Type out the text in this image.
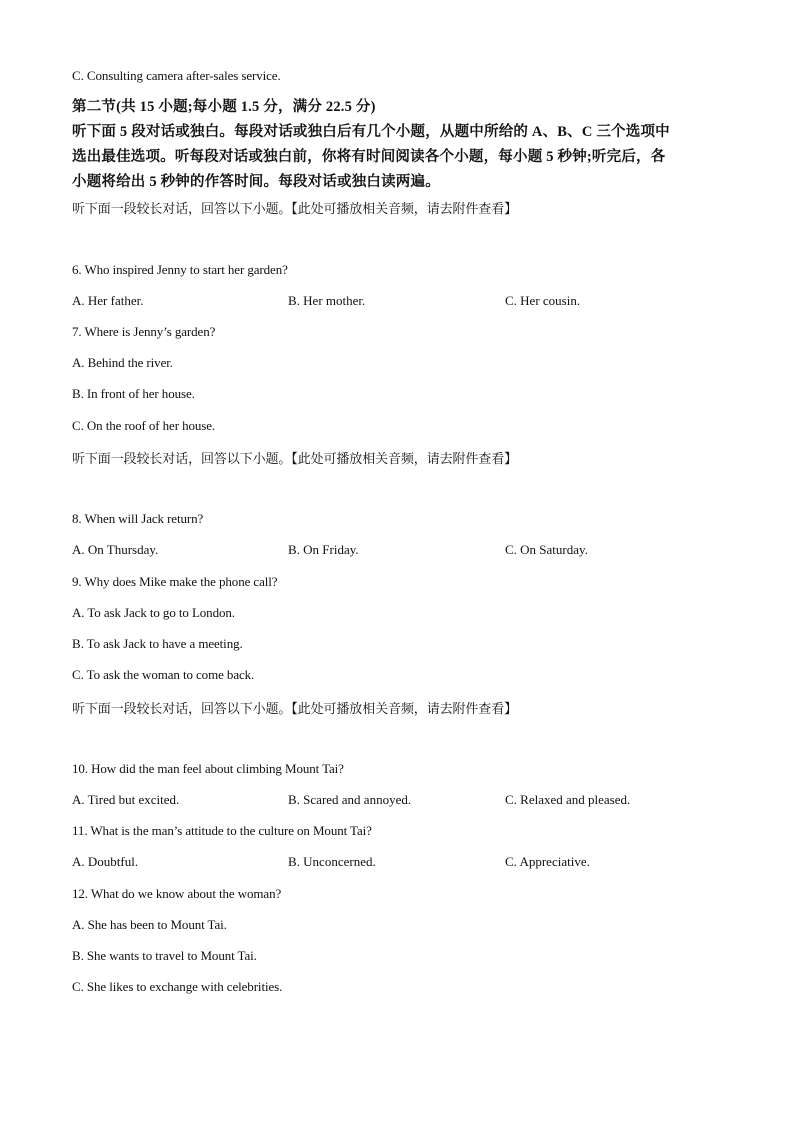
C. Consulting camera after-sales service.
第二节(共 15 小题;每小题 1.5 分，满分 22.5 分)
听下面 5 段对话或独白。每段对话或独白后有几个小题，从题中所给的 A、B、C 三个选项中
选出最佳选项。听每段对话或独白前，你将有时间阅读各个小题，每小题 5 秒钟;听完后，各
小题将给出 5 秒钟的作答时间。每段对话或独白读两遍。
听下面一段较长对话，回答以下小题。【此处可播放相关音频，请去附件查看】
6. Who inspired Jenny to start her garden?
A. Her father.	B. Her mother.	C. Her cousin.
7. Where is Jenny’s garden?
A. Behind the river.
B. In front of her house.
C. On the roof of her house.
听下面一段较长对话，回答以下小题。【此处可播放相关音频，请去附件查看】
8. When will Jack return?
A. On Thursday.	B. On Friday.	C. On Saturday.
9. Why does Mike make the phone call?
A. To ask Jack to go to London.
B. To ask Jack to have a meeting.
C. To ask the woman to come back.
听下面一段较长对话，回答以下小题。【此处可播放相关音频，请去附件查看】
10. How did the man feel about climbing Mount Tai?
A. Tired but excited.	B. Scared and annoyed.	C. Relaxed and pleased.
11. What is the man’s attitude to the culture on Mount Tai?
A. Doubtful.	B. Unconcerned.	C. Appreciative.
12. What do we know about the woman?
A. She has been to Mount Tai.
B. She wants to travel to Mount Tai.
C. She likes to exchange with celebrities.
